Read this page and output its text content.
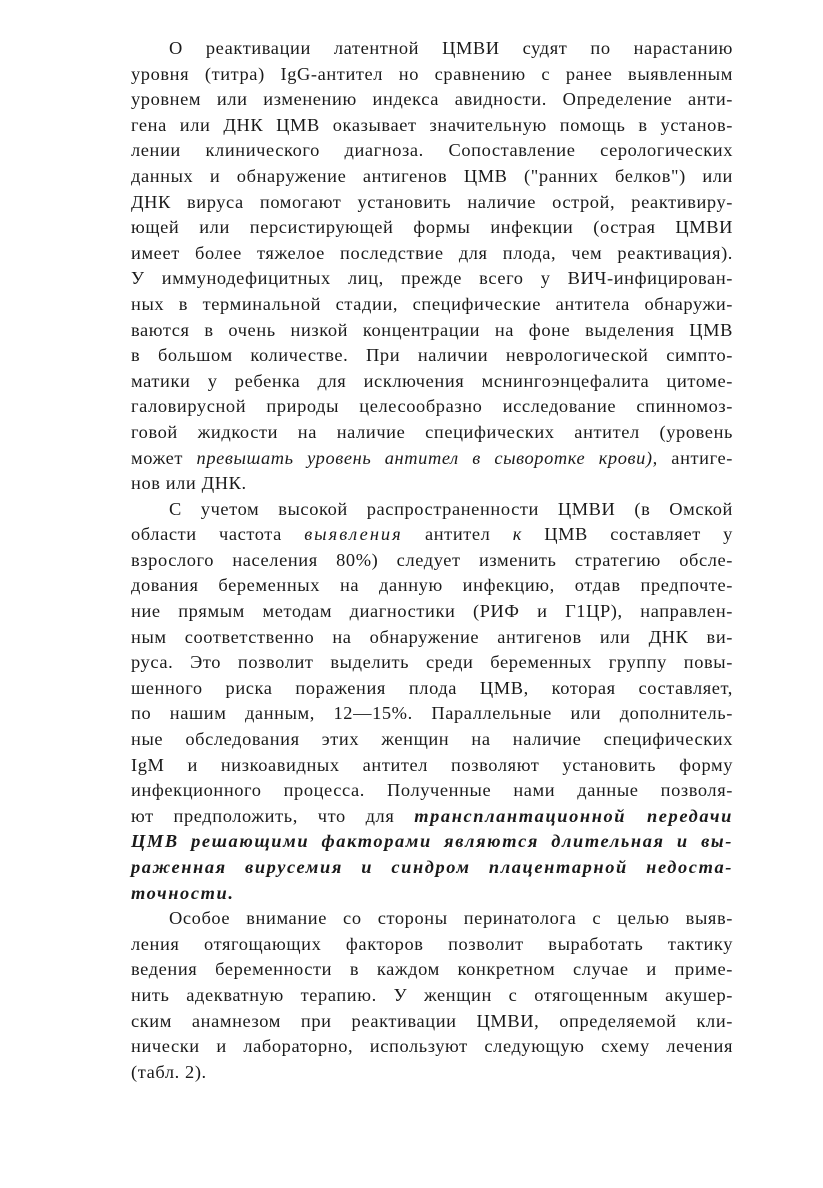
О реактивации латентной ЦМВИ судят по нарастанию
уровня (титра) IgG-антител но сравнению с ранее выявленным
уровнем или изменению индекса авидности. Определение анти-
гена или ДНК ЦМВ оказывает значительную помощь в установ-
лении клинического диагноза. Сопоставление серологических
данных и обнаружение антигенов ЦМВ ("ранних белков") или
ДНК вируса помогают установить наличие острой, реактивиру-
ющей или персистирующей формы инфекции (острая ЦМВИ
имеет более тяжелое последствие для плода, чем реактивация).
У иммунодефицитных лиц, прежде всего у ВИЧ-инфицирован-
ных в терминальной стадии, специфические антитела обнаружи-
ваются в очень низкой концентрации на фоне выделения ЦМВ
в большом количестве. При наличии неврологической симпто-
матики у ребенка для исключения мснингоэнцефалита цитоме-
галовирусной природы целесообразно исследование спинномоз-
говой жидкости на наличие специфических антител (уровень
может превышать уровень антител в сыворотке крови), антиге-
нов или ДНК.
С учетом высокой распространенности ЦМВИ (в Омской
области частота выявления антител к ЦМВ составляет у
взрослого населения 80%) следует изменить стратегию обсле-
дования беременных на данную инфекцию, отдав предпочте-
ние прямым методам диагностики (РИФ и Г1ЦР), направлен-
ным соответственно на обнаружение антигенов или ДНК ви-
руса. Это позволит выделить среди беременных группу повы-
шенного риска поражения плода ЦМВ, которая составляет,
по нашим данным, 12—15%. Параллельные или дополнитель-
ные обследования этих женщин на наличие специфических
IgM и низкоавидных антител позволяют установить форму
инфекционного процесса. Полученные нами данные позволя-
ют предположить, что для трансплантационной передачи
ЦМВ решающими факторами являются длительная и вы-
раженная вирусемия и синдром плацентарной недоста-
точности.
Особое внимание со стороны перинатолога с целью выяв-
ления отягощающих факторов позволит выработать тактику
ведения беременности в каждом конкретном случае и приме-
нить адекватную терапию. У женщин с отягощенным акушер-
ским анамнезом при реактивации ЦМВИ, определяемой кли-
нически и лабораторно, используют следующую схему лечения
(табл. 2).
